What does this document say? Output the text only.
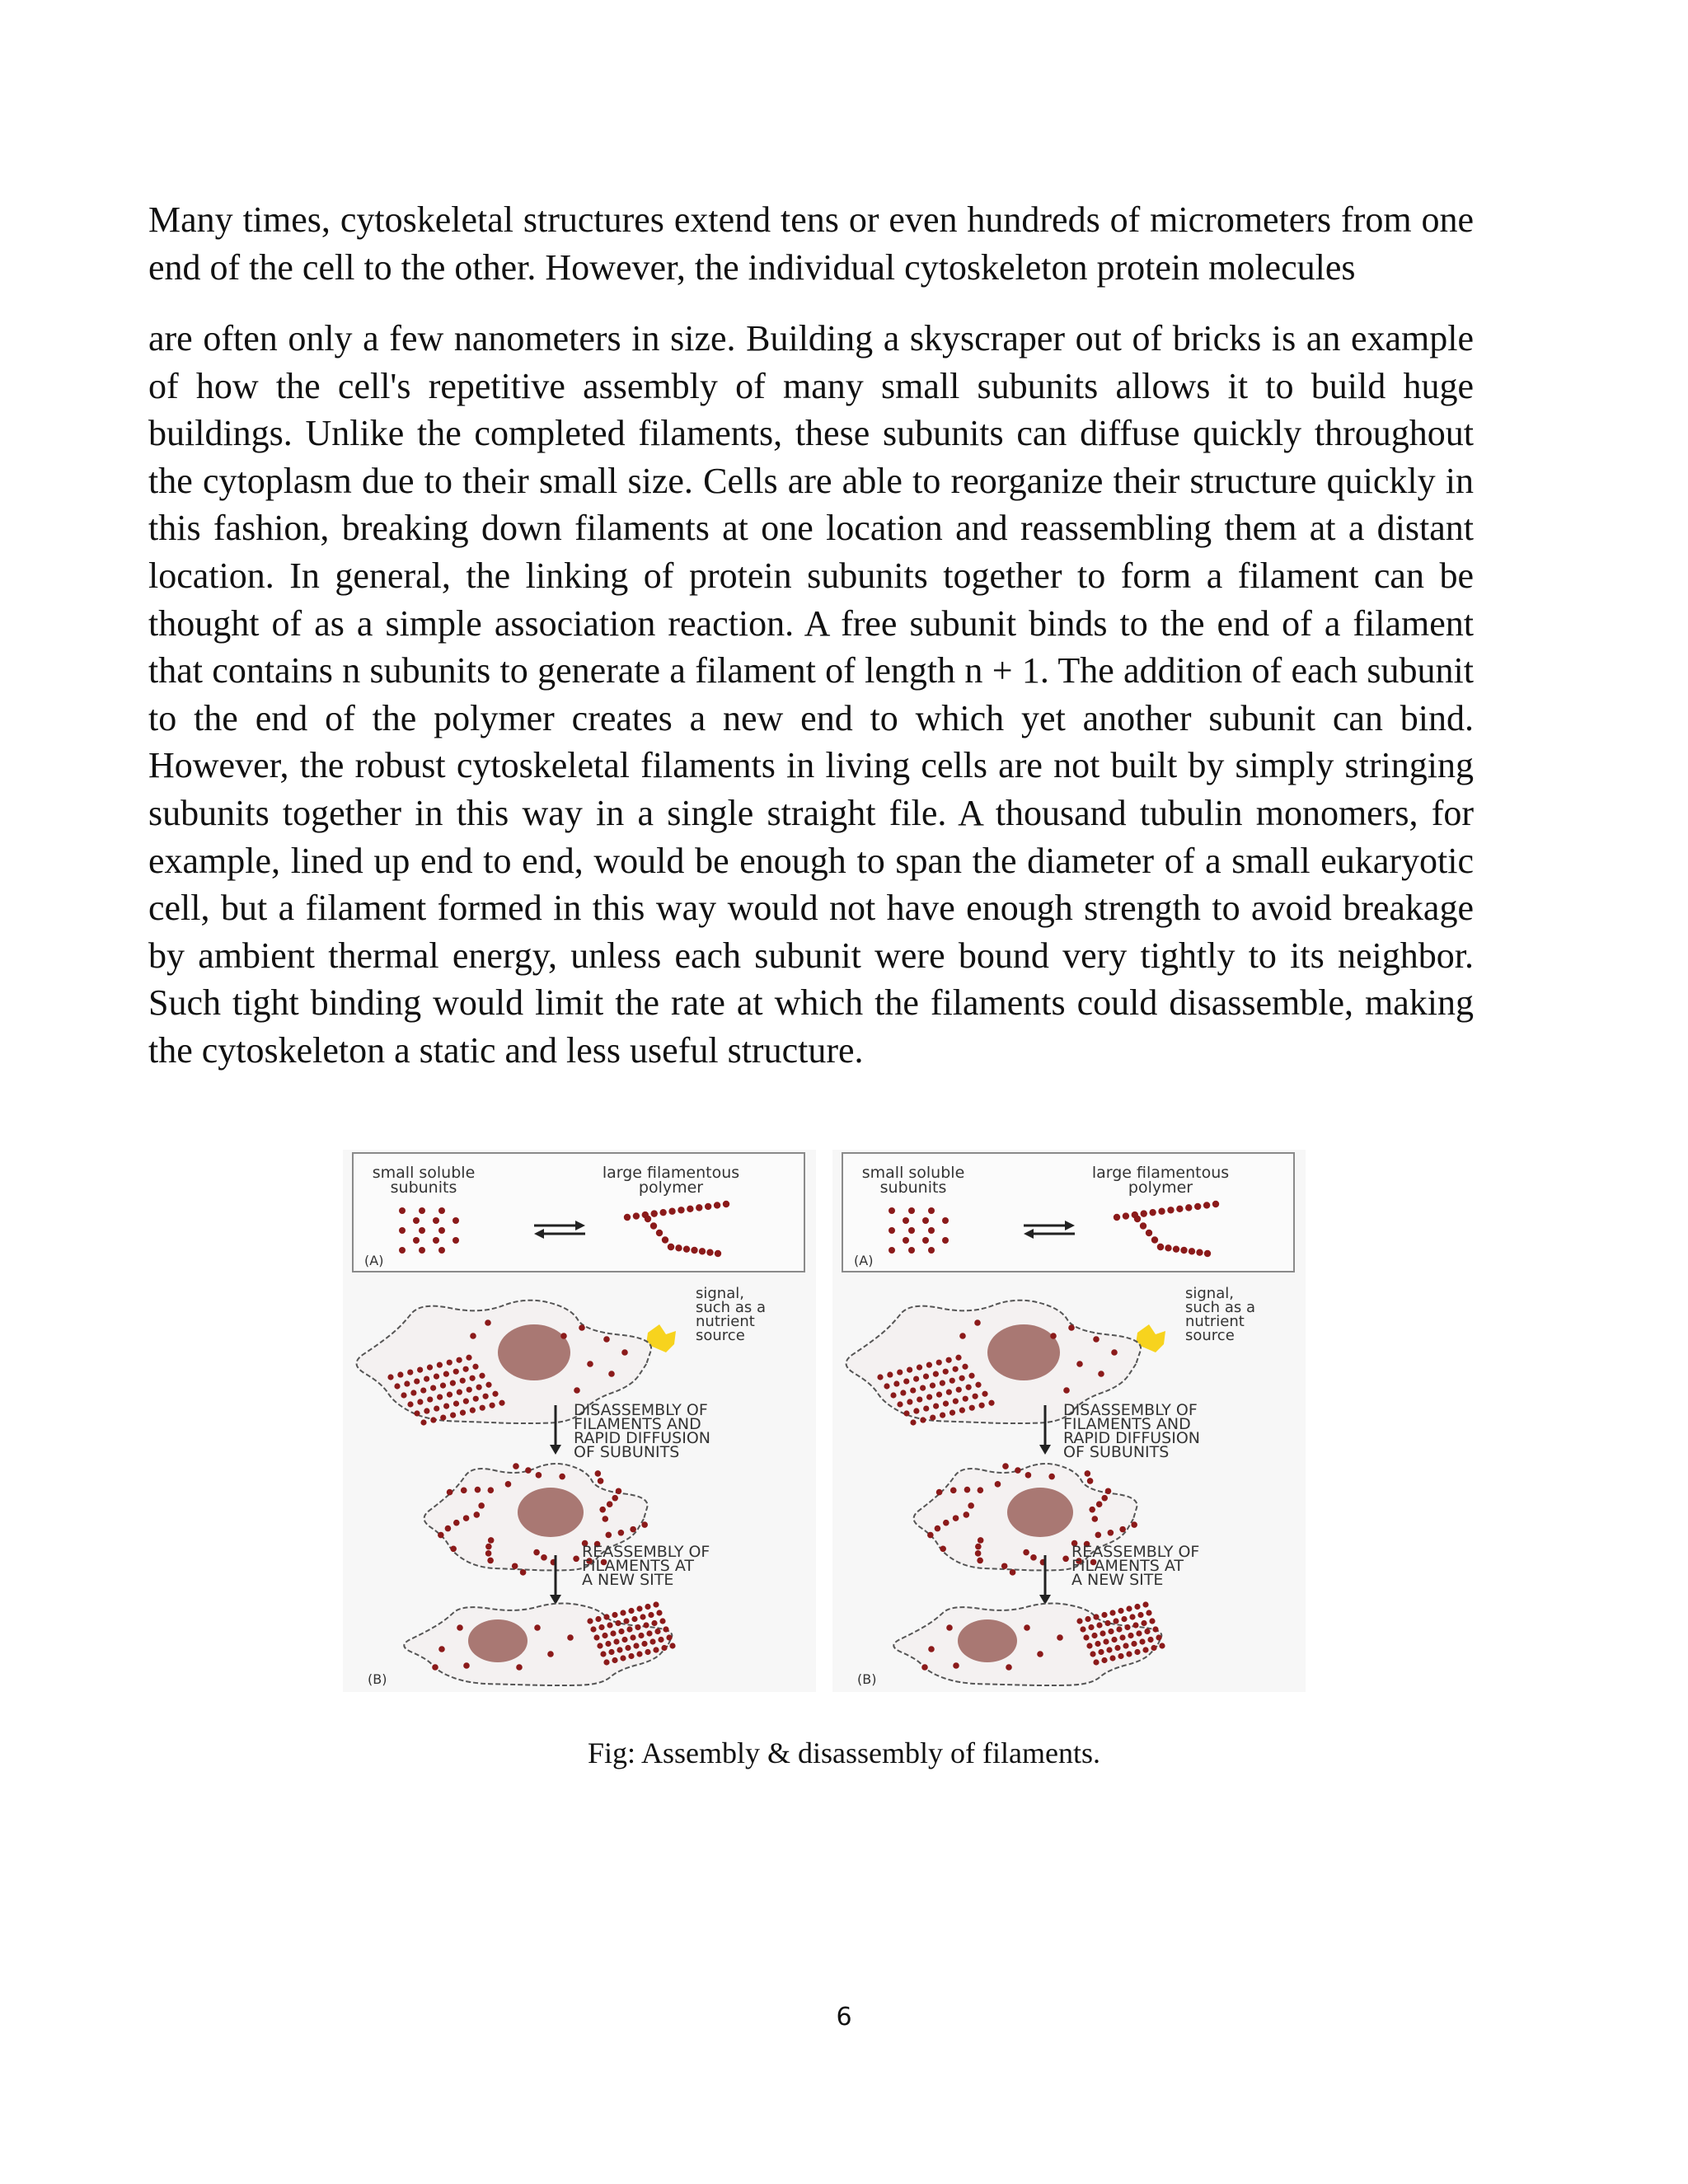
Many times, cytoskeletal structures extend tens or even hundreds of micrometers from one end of the cell to the other. However, the individual cytoskeleton protein molecules

are often only a few nanometers in size. Building a skyscraper out of bricks is an example of how the cell's repetitive assembly of many small subunits allows it to build huge buildings. Unlike the completed filaments, these subunits can diffuse quickly throughout the cytoplasm due to their small size. Cells are able to reorganize their structure quickly in this fashion, breaking down filaments at one location and reassembling them at a distant location. In general, the linking of protein subunits together to form a filament can be thought of as a simple association reaction. A free subunit binds to the end of a filament that contains n subunits to generate a filament of length n + 1. The addition of each subunit to the end of the polymer creates a new end to which yet another subunit can bind. However, the robust cytoskeletal filaments in living cells are not built by simply stringing subunits together in this way in a single straight file. A thousand tubulin monomers, for example, lined up end to end, would be enough to span the diameter of a small eukaryotic cell, but a filament formed in this way would not have enough strength to avoid breakage by ambient thermal energy, unless each subunit were bound very tightly to its neighbor. Such tight binding would limit the rate at which the filaments could disassemble, making the cytoskeleton a static and less useful structure.

small soluble
subunits
large filamentous
polymer
(A)
signal,
such as a
nutrient
source
DISASSEMBLY OF
FILAMENTS AND
RAPID DIFFUSION
OF SUBUNITS
REASSEMBLY OF
FILAMENTS AT
A NEW SITE
(B)
small soluble
subunits
large filamentous
polymer
(A)
signal,
such as a
nutrient
source
DISASSEMBLY OF
FILAMENTS AND
RAPID DIFFUSION
OF SUBUNITS
REASSEMBLY OF
FILAMENTS AT
A NEW SITE
(B)
Fig: Assembly & disassembly of filaments.
6
